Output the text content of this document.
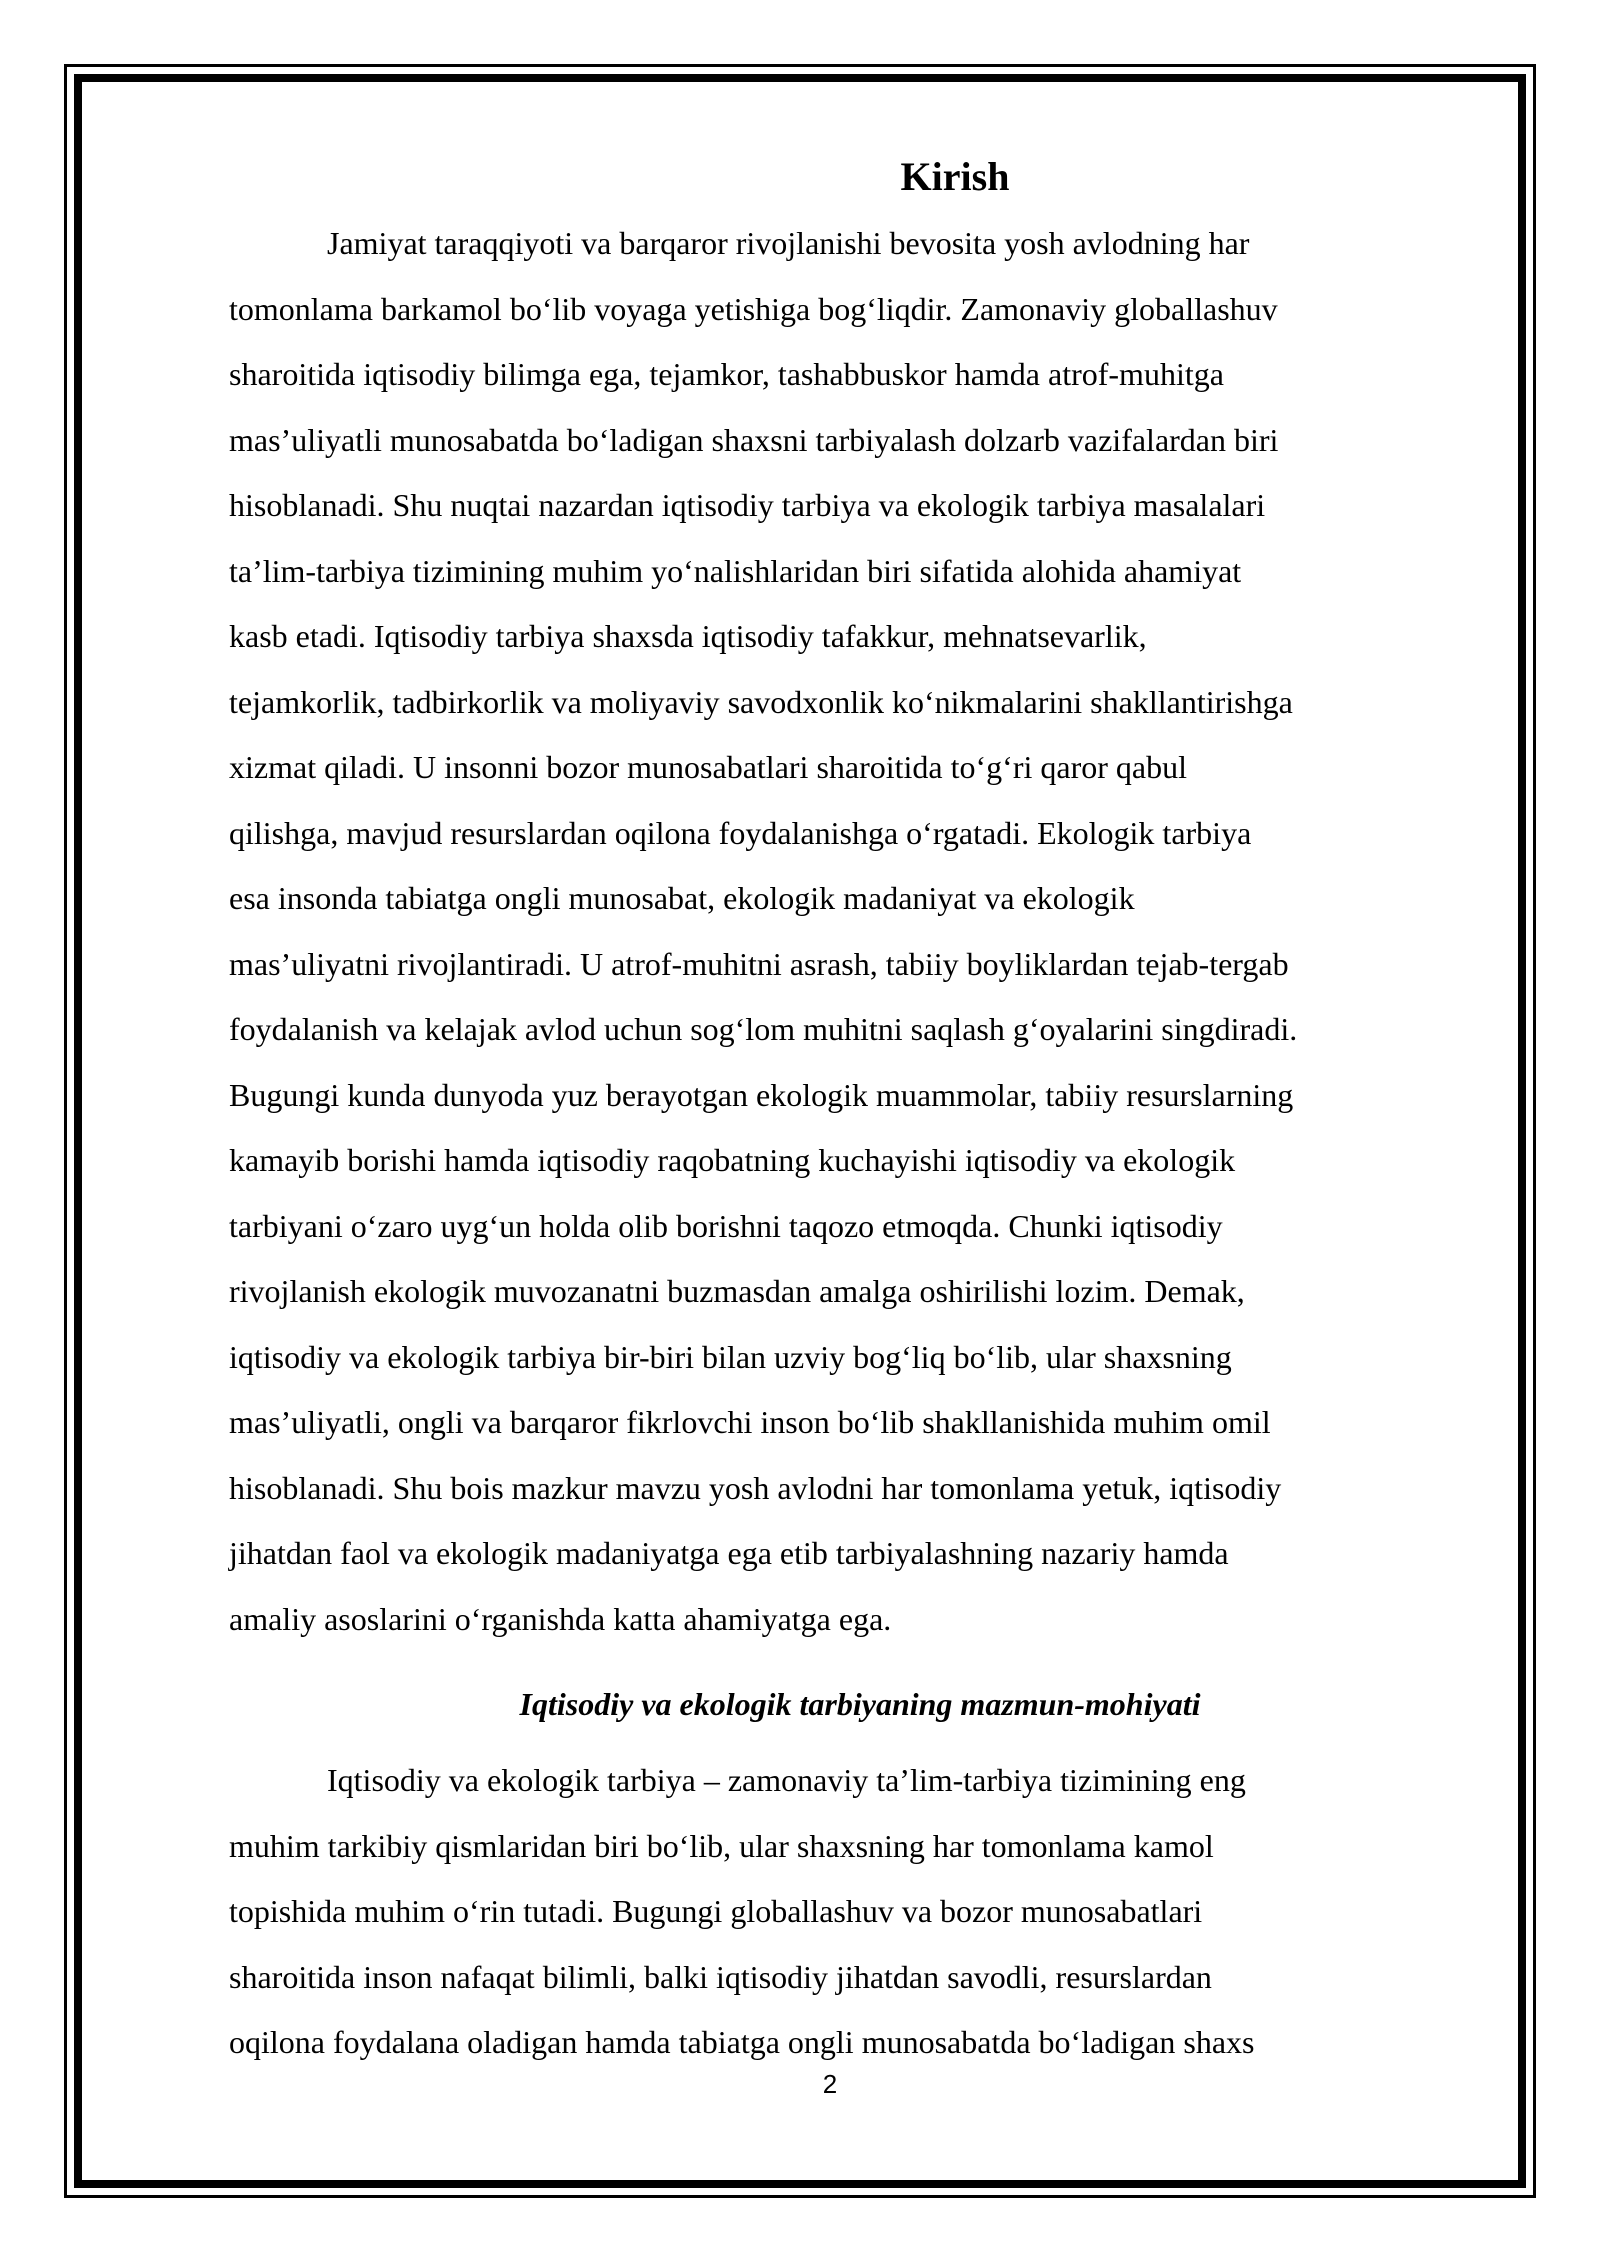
Kirish

Jamiyat taraqqiyoti va barqaror rivojlanishi bevosita yosh avlodning har
tomonlama barkamol bo‘lib voyaga yetishiga bog‘liqdir. Zamonaviy globallashuv
sharoitida iqtisodiy bilimga ega, tejamkor, tashabbuskor hamda atrof-muhitga
mas’uliyatli munosabatda bo‘ladigan shaxsni tarbiyalash dolzarb vazifalardan biri
hisoblanadi. Shu nuqtai nazardan iqtisodiy tarbiya va ekologik tarbiya masalalari
ta’lim-tarbiya tizimining muhim yo‘nalishlaridan biri sifatida alohida ahamiyat
kasb etadi. Iqtisodiy tarbiya shaxsda iqtisodiy tafakkur, mehnatsevarlik,
tejamkorlik, tadbirkorlik va moliyaviy savodxonlik ko‘nikmalarini shakllantirishga
xizmat qiladi. U insonni bozor munosabatlari sharoitida to‘g‘ri qaror qabul
qilishga, mavjud resurslardan oqilona foydalanishga o‘rgatadi. Ekologik tarbiya
esa insonda tabiatga ongli munosabat, ekologik madaniyat va ekologik
mas’uliyatni rivojlantiradi. U atrof-muhitni asrash, tabiiy boyliklardan tejab-tergab
foydalanish va kelajak avlod uchun sog‘lom muhitni saqlash g‘oyalarini singdiradi.
Bugungi kunda dunyoda yuz berayotgan ekologik muammolar, tabiiy resurslarning
kamayib borishi hamda iqtisodiy raqobatning kuchayishi iqtisodiy va ekologik
tarbiyani o‘zaro uyg‘un holda olib borishni taqozo etmoqda. Chunki iqtisodiy
rivojlanish ekologik muvozanatni buzmasdan amalga oshirilishi lozim. Demak,
iqtisodiy va ekologik tarbiya bir-biri bilan uzviy bog‘liq bo‘lib, ular shaxsning
mas’uliyatli, ongli va barqaror fikrlovchi inson bo‘lib shakllanishida muhim omil
hisoblanadi. Shu bois mazkur mavzu yosh avlodni har tomonlama yetuk, iqtisodiy
jihatdan faol va ekologik madaniyatga ega etib tarbiyalashning nazariy hamda
amaliy asoslarini o‘rganishda katta ahamiyatga ega.

Iqtisodiy va ekologik tarbiyaning mazmun-mohiyati

Iqtisodiy va ekologik tarbiya – zamonaviy ta’lim-tarbiya tizimining eng
muhim tarkibiy qismlaridan biri bo‘lib, ular shaxsning har tomonlama kamol
topishida muhim o‘rin tutadi. Bugungi globallashuv va bozor munosabatlari
sharoitida inson nafaqat bilimli, balki iqtisodiy jihatdan savodli, resurslardan
oqilona foydalana oladigan hamda tabiatga ongli munosabatda bo‘ladigan shaxs

2
